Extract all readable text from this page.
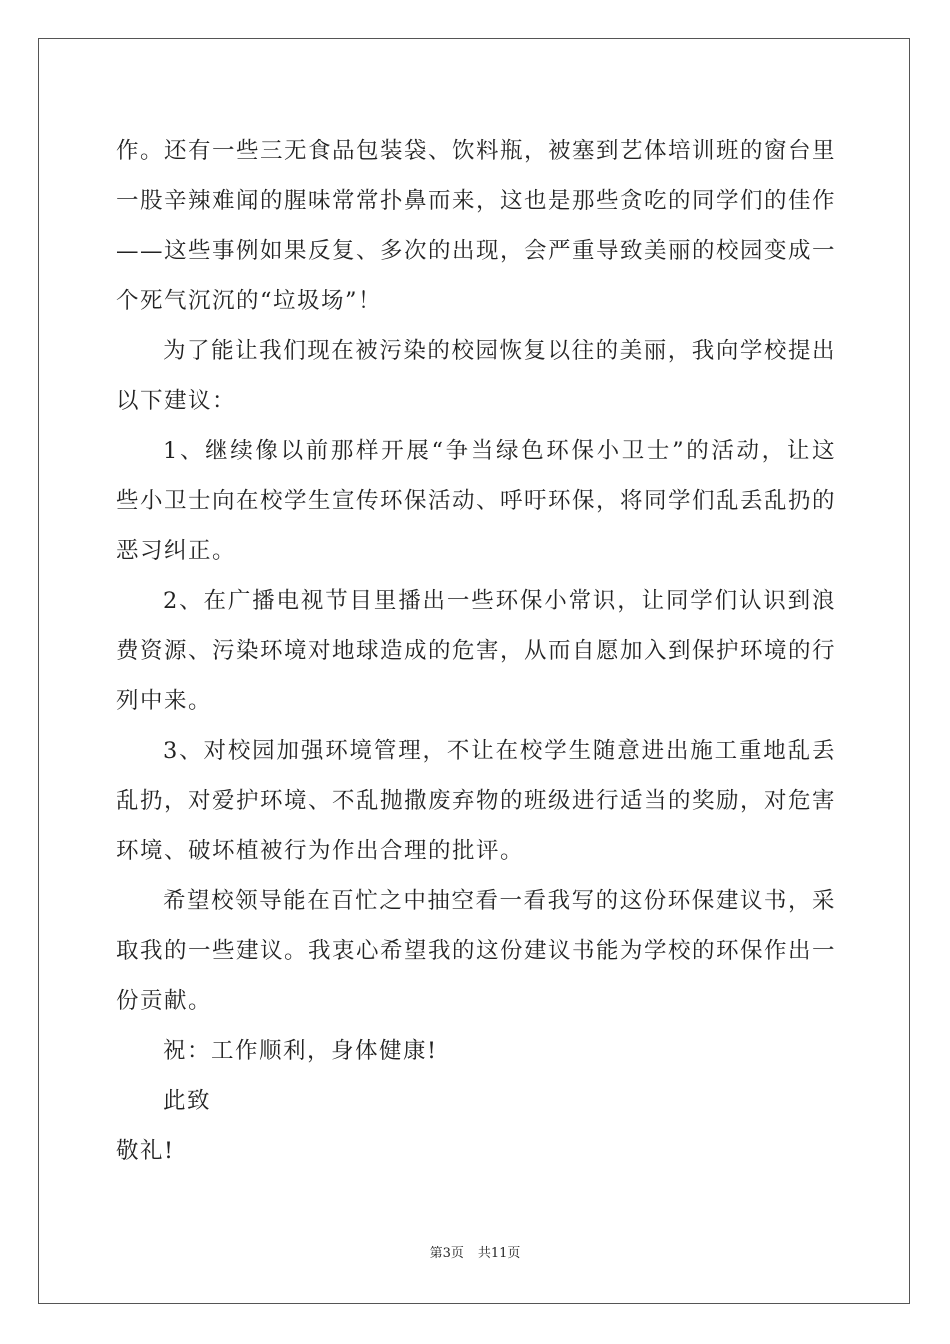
作。还有一些三无食品包装袋、饮料瓶，被塞到艺体培训班的窗台里
一股辛辣难闻的腥味常常扑鼻而来，这也是那些贪吃的同学们的佳作
——这些事例如果反复、多次的出现，会严重导致美丽的校园变成一
个死气沉沉的“垃圾场”！
为了能让我们现在被污染的校园恢复以往的美丽，我向学校提出
以下建议：
1、继续像以前那样开展“争当绿色环保小卫士”的活动，让这
些小卫士向在校学生宣传环保活动、呼吁环保，将同学们乱丢乱扔的
恶习纠正。
2、在广播电视节目里播出一些环保小常识，让同学们认识到浪
费资源、污染环境对地球造成的危害，从而自愿加入到保护环境的行
列中来。
3、对校园加强环境管理，不让在校学生随意进出施工重地乱丢
乱扔，对爱护环境、不乱抛撒废弃物的班级进行适当的奖励，对危害
环境、破坏植被行为作出合理的批评。
希望校领导能在百忙之中抽空看一看我写的这份环保建议书，采
取我的一些建议。我衷心希望我的这份建议书能为学校的环保作出一
份贡献。
祝：工作顺利，身体健康!
此致
敬礼!
第3页 共11页
